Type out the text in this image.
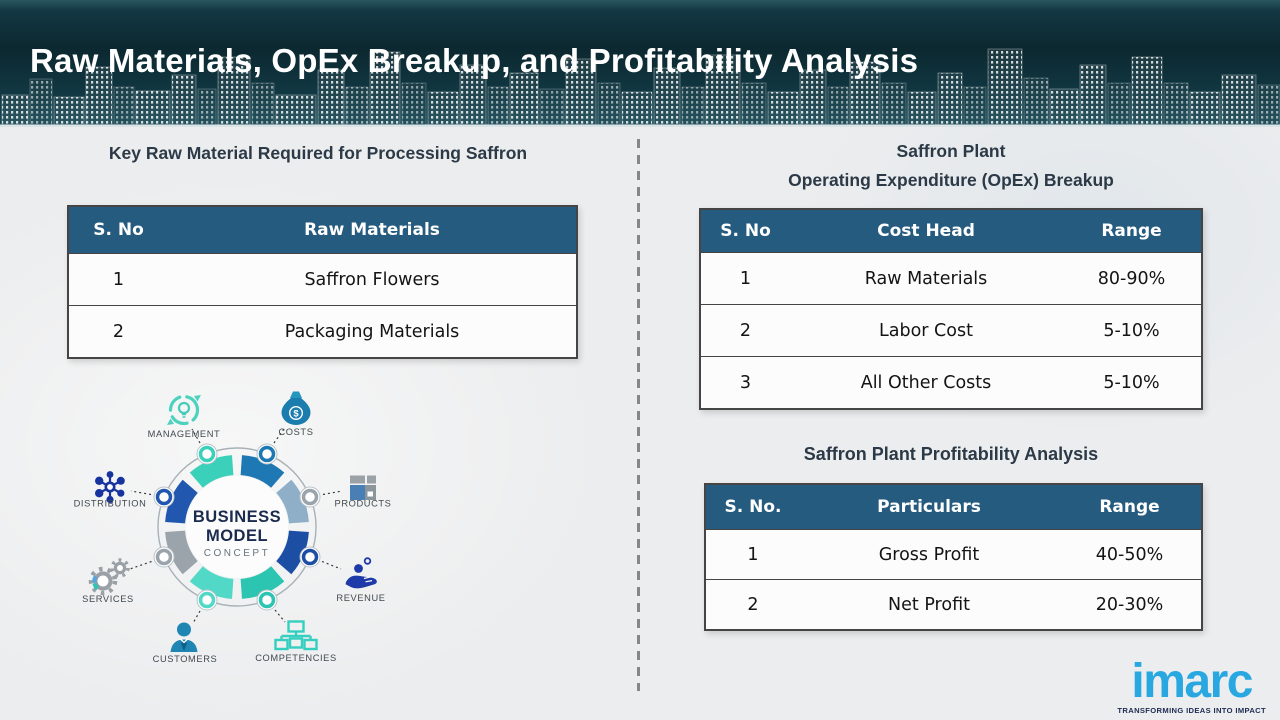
Raw Materials, OpEx Breakup, and Profitability Analysis
Key Raw Material Required for Processing Saffron	Saffron Plant
Operating Expenditure (OpEx) Breakup
Saffron Plant Profitability Analysis
S. No	Raw Materials
1	Saffron Flowers
2	Packaging Materials
S. No	Cost Head	Range
1	Raw Materials	80-90%
2	Labor Cost	5-10%
3	All Other Costs	5-10%
S. No.	Particulars	Range
1	Gross Profit	40-50%
2	Net Profit	20-30%
BUSINESS
MODEL
CONCEPT
MANAGEMENT
$
COSTS
DISTRIBUTION	PRODUCTS
SERVICES	REVENUE
CUSTOMERS	COMPETENCIES	imarc
TRANSFORMING IDEAS INTO IMPACT
